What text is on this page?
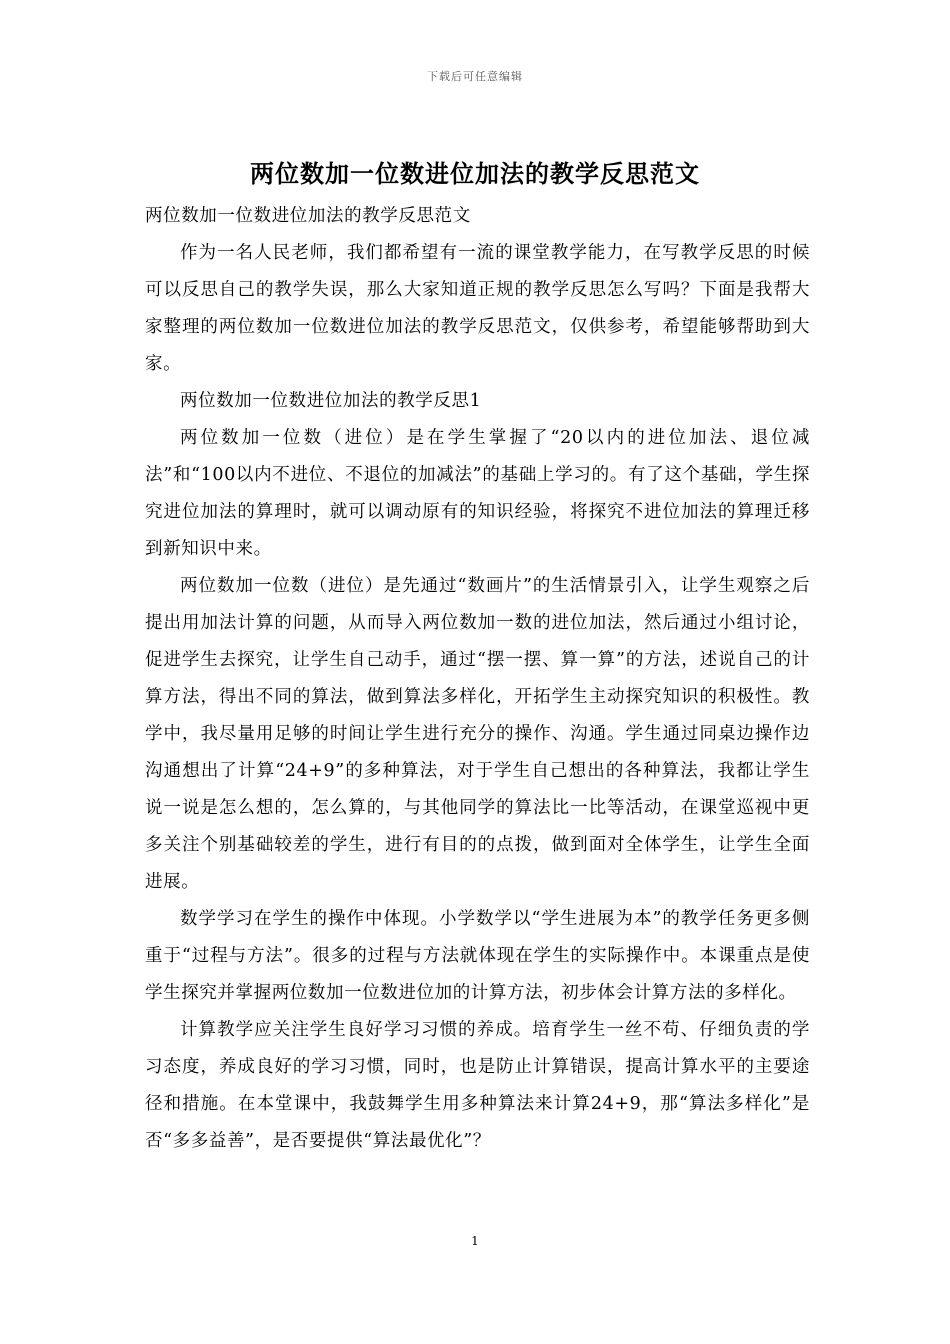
下载后可任意编辑
两位数加一位数进位加法的教学反思范文

两位数加一位数进位加法的教学反思范文

作为一名人民老师，我们都希望有一流的课堂教学能力，在写教学反思的时候可以反思自己的教学失误，那么大家知道正规的教学反思怎么写吗？下面是我帮大家整理的两位数加一位数进位加法的教学反思范文，仅供参考，希望能够帮助到大家。

两位数加一位数进位加法的教学反思1

两位数加一位数（进位）是在学生掌握了“20以内的进位加法、退位减法”和“100以内不进位、不退位的加减法”的基础上学习的。有了这个基础，学生探究进位加法的算理时，就可以调动原有的知识经验，将探究不进位加法的算理迁移到新知识中来。

两位数加一位数（进位）是先通过“数画片”的生活情景引入，让学生观察之后提出用加法计算的问题，从而导入两位数加一数的进位加法，然后通过小组讨论，促进学生去探究，让学生自己动手，通过“摆一摆、算一算”的方法，述说自己的计算方法，得出不同的算法，做到算法多样化，开拓学生主动探究知识的积极性。教学中，我尽量用足够的时间让学生进行充分的操作、沟通。学生通过同桌边操作边沟通想出了计算“24+9”的多种算法，对于学生自己想出的各种算法，我都让学生说一说是怎么想的，怎么算的，与其他同学的算法比一比等活动，在课堂巡视中更多关注个别基础较差的学生，进行有目的的点拨，做到面对全体学生，让学生全面进展。

数学学习在学生的操作中体现。小学数学以“学生进展为本”的教学任务更多侧重于“过程与方法”。很多的过程与方法就体现在学生的实际操作中。本课重点是使学生探究并掌握两位数加一位数进位加的计算方法，初步体会计算方法的多样化。

计算教学应关注学生良好学习习惯的养成。培育学生一丝不苟、仔细负责的学习态度，养成良好的学习习惯，同时，也是防止计算错误，提高计算水平的主要途径和措施。在本堂课中，我鼓舞学生用多种算法来计算24+9，那“算法多样化”是否“多多益善”，是否要提供“算法最优化”？

1
